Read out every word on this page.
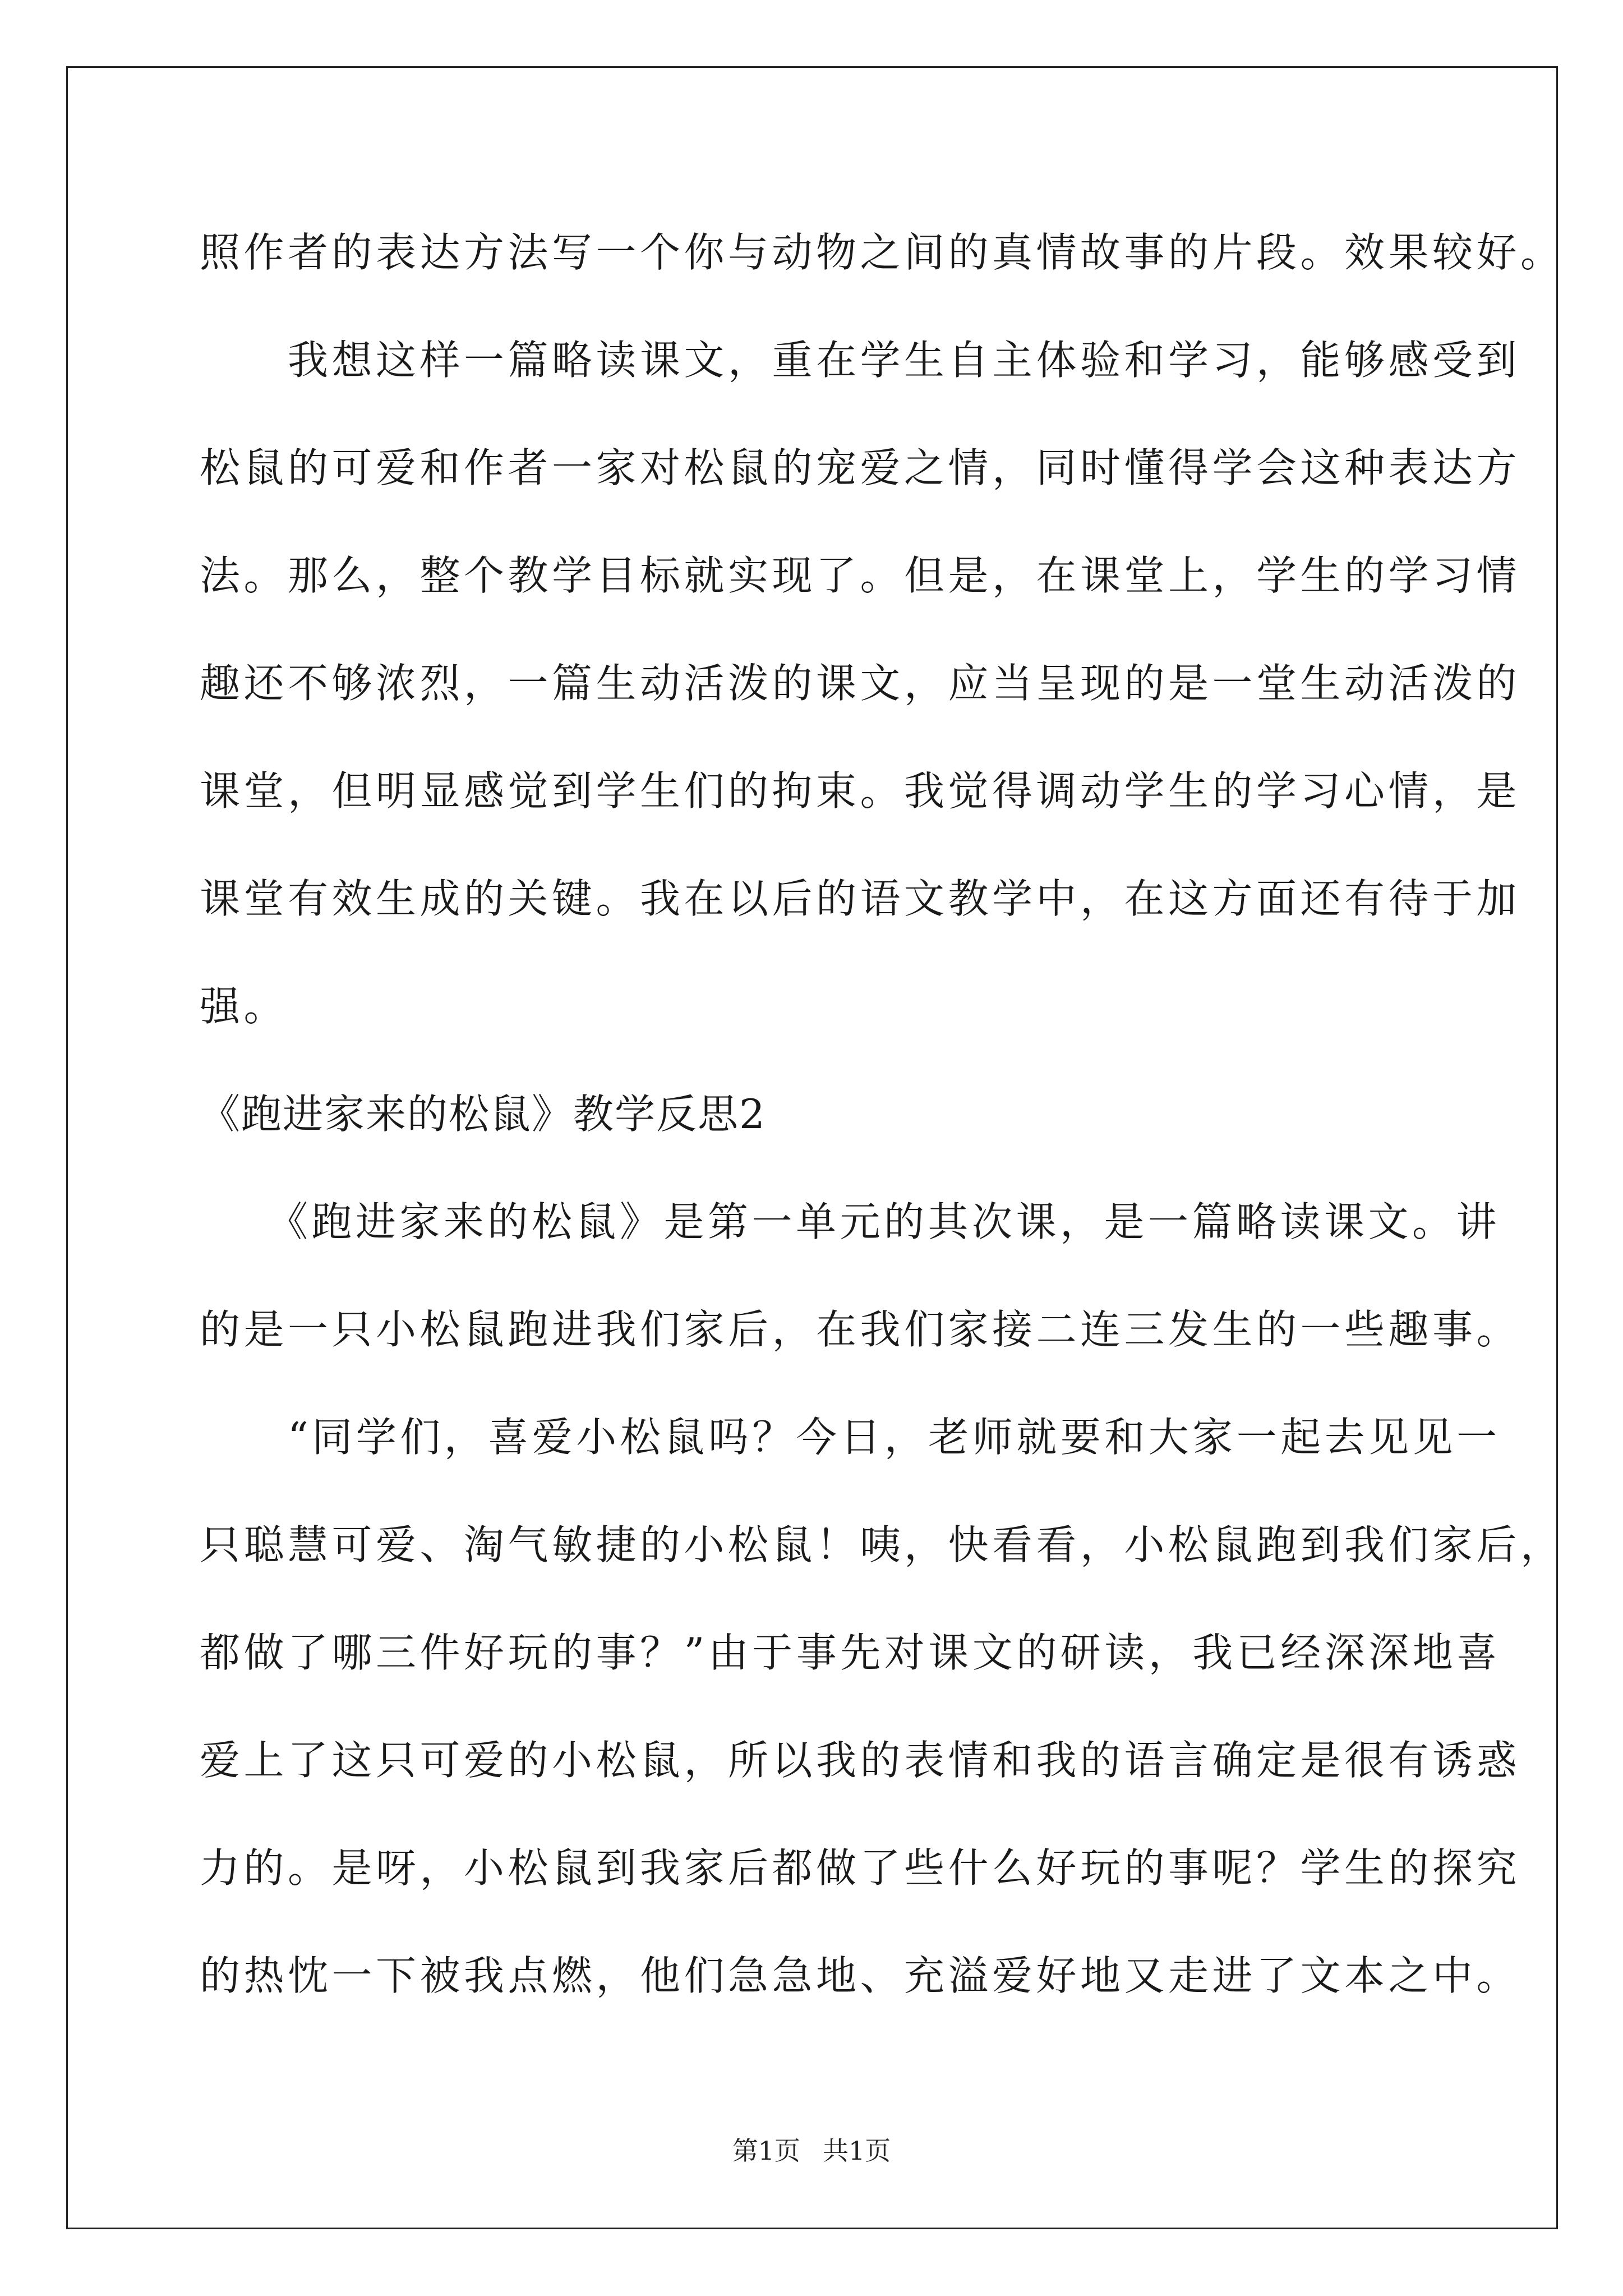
照作者的表达方法写一个你与动物之间的真情故事的片段。效果较好。
　　我想这样一篇略读课文，重在学生自主体验和学习，能够感受到
松鼠的可爱和作者一家对松鼠的宠爱之情，同时懂得学会这种表达方
法。那么，整个教学目标就实现了。但是，在课堂上，学生的学习情
趣还不够浓烈，一篇生动活泼的课文，应当呈现的是一堂生动活泼的
课堂，但明显感觉到学生们的拘束。我觉得调动学生的学习心情，是
课堂有效生成的关键。我在以后的语文教学中，在这方面还有待于加
强。
《跑进家来的松鼠》教学反思2
　　《跑进家来的松鼠》是第一单元的其次课，是一篇略读课文。讲
的是一只小松鼠跑进我们家后，在我们家接二连三发生的一些趣事。
　　“同学们，喜爱小松鼠吗？今日，老师就要和大家一起去见见一
只聪慧可爱、淘气敏捷的小松鼠！咦，快看看，小松鼠跑到我们家后，
都做了哪三件好玩的事？”由于事先对课文的研读，我已经深深地喜
爱上了这只可爱的小松鼠，所以我的表情和我的语言确定是很有诱惑
力的。是呀，小松鼠到我家后都做了些什么好玩的事呢？学生的探究
的热忱一下被我点燃，他们急急地、充溢爱好地又走进了文本之中。
第1页 共1页
